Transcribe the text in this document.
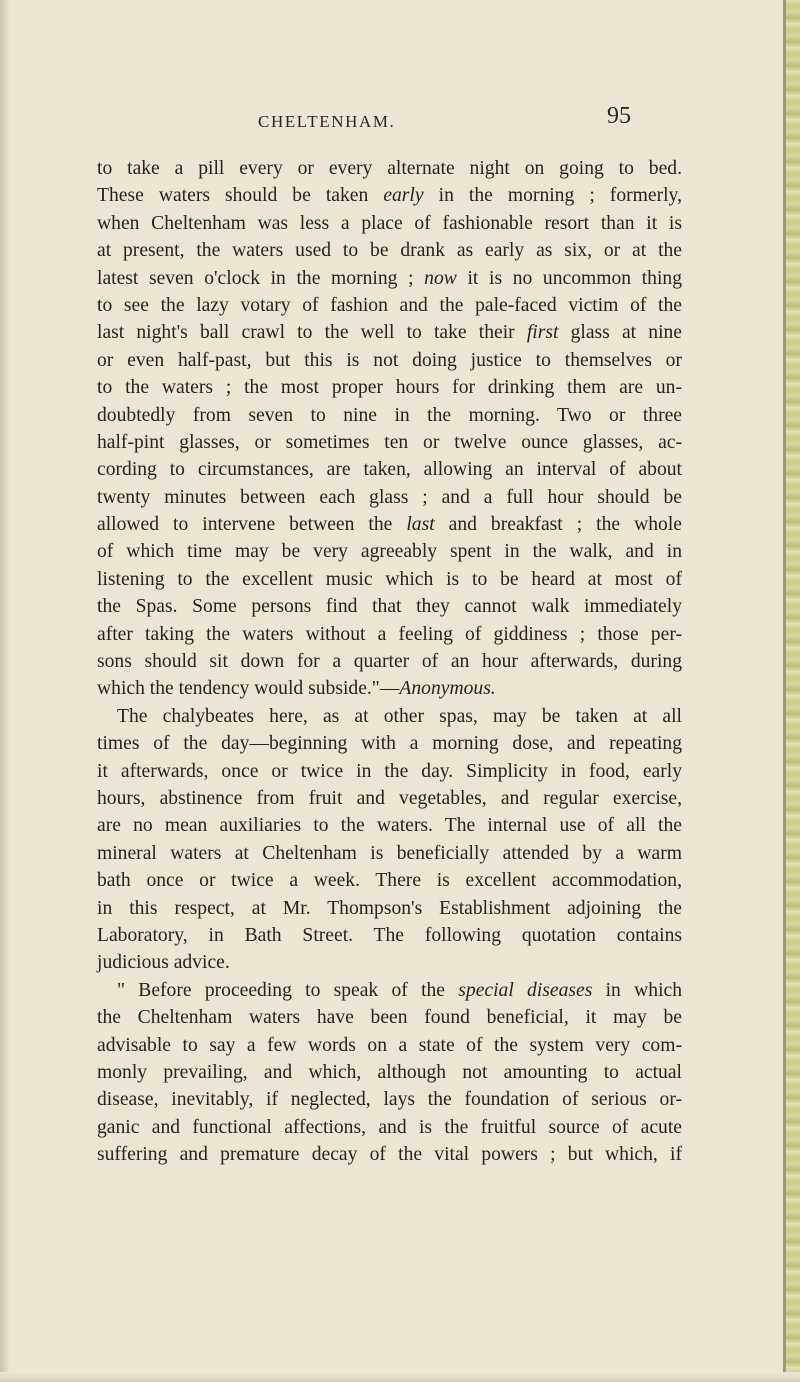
CHELTENHAM.	95
to take a pill every or every alternate night on going to bed.
These waters should be taken early in the morning ; formerly,
when Cheltenham was less a place of fashionable resort than it is
at present, the waters used to be drank as early as six, or at the
latest seven o'clock in the morning ; now it is no uncommon thing
to see the lazy votary of fashion and the pale-faced victim of the
last night's ball crawl to the well to take their first glass at nine
or even half-past, but this is not doing justice to themselves or
to the waters ; the most proper hours for drinking them are un-
doubtedly from seven to nine in the morning. Two or three
half-pint glasses, or sometimes ten or twelve ounce glasses, ac-
cording to circumstances, are taken, allowing an interval of about
twenty minutes between each glass ; and a full hour should be
allowed to intervene between the last and breakfast ; the whole
of which time may be very agreeably spent in the walk, and in
listening to the excellent music which is to be heard at most of
the Spas. Some persons find that they cannot walk immediately
after taking the waters without a feeling of giddiness ; those per-
sons should sit down for a quarter of an hour afterwards, during
which the tendency would subside."—Anonymous.
The chalybeates here, as at other spas, may be taken at all
times of the day—beginning with a morning dose, and repeating
it afterwards, once or twice in the day. Simplicity in food, early
hours, abstinence from fruit and vegetables, and regular exercise,
are no mean auxiliaries to the waters. The internal use of all the
mineral waters at Cheltenham is beneficially attended by a warm
bath once or twice a week. There is excellent accommodation,
in this respect, at Mr. Thompson's Establishment adjoining the
Laboratory, in Bath Street. The following quotation contains
judicious advice.
" Before proceeding to speak of the special diseases in which
the Cheltenham waters have been found beneficial, it may be
advisable to say a few words on a state of the system very com-
monly prevailing, and which, although not amounting to actual
disease, inevitably, if neglected, lays the foundation of serious or-
ganic and functional affections, and is the fruitful source of acute
suffering and premature decay of the vital powers ; but which, if
